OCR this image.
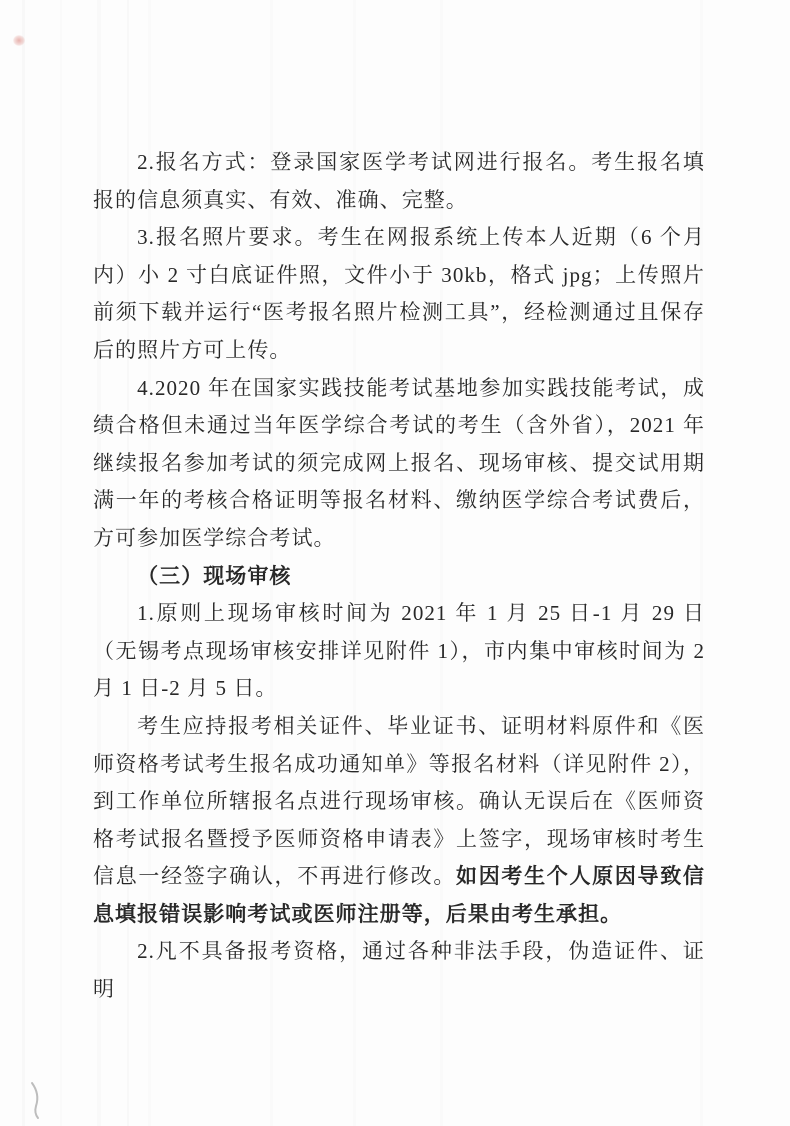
2.报名方式：登录国家医学考试网进行报名。考生报名填报的信息须真实、有效、准确、完整。

3.报名照片要求。考生在网报系统上传本人近期（6 个月内）小 2 寸白底证件照，文件小于 30kb，格式 jpg；上传照片前须下载并运行“医考报名照片检测工具”，经检测通过且保存后的照片方可上传。

4.2020 年在国家实践技能考试基地参加实践技能考试，成绩合格但未通过当年医学综合考试的考生（含外省），2021 年继续报名参加考试的须完成网上报名、现场审核、提交试用期满一年的考核合格证明等报名材料、缴纳医学综合考试费后，方可参加医学综合考试。

（三）现场审核

1.原则上现场审核时间为 2021 年 1 月 25 日-1 月 29 日（无锡考点现场审核安排详见附件 1），市内集中审核时间为 2 月 1 日-2 月 5 日。

考生应持报考相关证件、毕业证书、证明材料原件和《医师资格考试考生报名成功通知单》等报名材料（详见附件 2），到工作单位所辖报名点进行现场审核。确认无误后在《医师资格考试报名暨授予医师资格申请表》上签字，现场审核时考生信息一经签字确认，不再进行修改。如因考生个人原因导致信息填报错误影响考试或医师注册等，后果由考生承担。

2.凡不具备报考资格，通过各种非法手段，伪造证件、证明
